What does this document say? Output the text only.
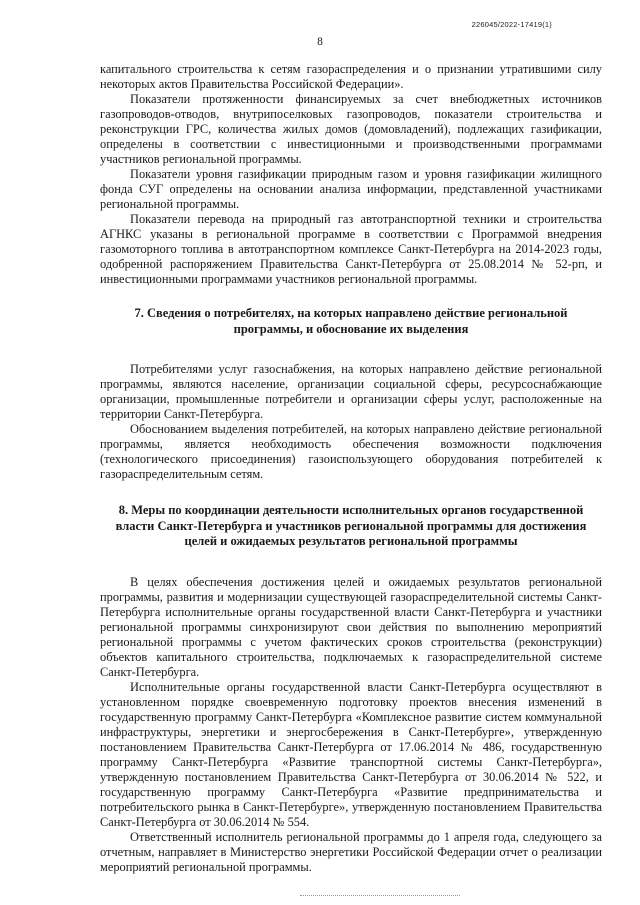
226045/2022-17419(1)
8

капитального строительства к сетям газораспределения и о признании утратившими силу некоторых актов Правительства Российской Федерации».

Показатели протяженности финансируемых за счет внебюджетных источников газопроводов-отводов, внутрипоселковых газопроводов, показатели строительства и реконструкции ГРС, количества жилых домов (домовладений), подлежащих газификации, определены в соответствии с инвестиционными и производственными программами участников региональной программы.

Показатели уровня газификации природным газом и уровня газификации жилищного фонда СУГ определены на основании анализа информации, представленной участниками региональной программы.

Показатели перевода на природный газ автотранспортной техники и строительства АГНКС указаны в региональной программе в соответствии с Программой внедрения газомоторного топлива в автотранспортном комплексе Санкт-Петербурга на 2014-2023 годы, одобренной распоряжением Правительства Санкт-Петербурга от 25.08.2014 № 52-рп, и инвестиционными программами участников региональной программы.

7. Сведения о потребителях, на которых направлено действие региональной программы, и обоснование их выделения

Потребителями услуг газоснабжения, на которых направлено действие региональной программы, являются население, организации социальной сферы, ресурсоснабжающие организации, промышленные потребители и организации сферы услуг, расположенные на территории Санкт-Петербурга.

Обоснованием выделения потребителей, на которых направлено действие региональной программы, является необходимость обеспечения возможности подключения (технологического присоединения) газоиспользующего оборудования потребителей к газораспределительным сетям.

8. Меры по координации деятельности исполнительных органов государственной власти Санкт-Петербурга и участников региональной программы для достижения целей и ожидаемых результатов региональной программы

В целях обеспечения достижения целей и ожидаемых результатов региональной программы, развития и модернизации существующей газораспределительной системы Санкт-Петербурга исполнительные органы государственной власти Санкт-Петербурга и участники региональной программы синхронизируют свои действия по выполнению мероприятий региональной программы с учетом фактических сроков строительства (реконструкции) объектов капитального строительства, подключаемых к газораспределительной системе Санкт-Петербурга.

Исполнительные органы государственной власти Санкт-Петербурга осуществляют в установленном порядке своевременную подготовку проектов внесения изменений в государственную программу Санкт-Петербурга «Комплексное развитие систем коммунальной инфраструктуры, энергетики и энергосбережения в Санкт-Петербурге», утвержденную постановлением Правительства Санкт-Петербурга от 17.06.2014 № 486, государственную программу Санкт-Петербурга «Развитие транспортной системы Санкт-Петербурга», утвержденную постановлением Правительства Санкт-Петербурга от 30.06.2014 № 522, и государственную программу Санкт-Петербурга «Развитие предпринимательства и потребительского рынка в Санкт-Петербурге», утвержденную постановлением Правительства Санкт-Петербурга от 30.06.2014 № 554.

Ответственный исполнитель региональной программы до 1 апреля года, следующего за отчетным, направляет в Министерство энергетики Российской Федерации отчет о реализации мероприятий региональной программы.
